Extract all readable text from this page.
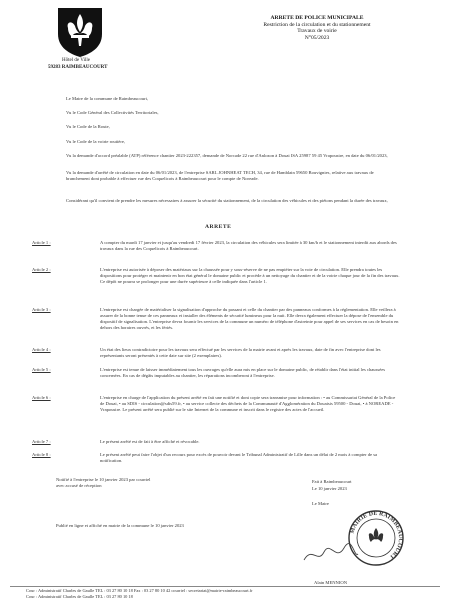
Hôtel de Ville
59283 RAIMBEAUCOURT
ARRETE DE POLICE MUNICIPALE
Restriction de la circulation et du stationnement
Travaux de voirie
N°05/2023
Le Maire de la commune de Raimbeaucourt,
Vu le Code Général des Collectivités Territoriales,
Vu le Code de la Route,
Vu le Code de la voirie routière,
Vu la demande d'accord préalable (ATP) référence chantier 2023-222357, demande de Norcade 22 rue d'Anlozon à Douai ISA 25987 59 45 Vrapoustre, en date du 06/01/2023,
Vu la demande d'arrêté de circulation en date du 06/01/2023, de l'entreprise SARL JOHNHEAT TECH, 34, rue de Hamblain 59650 Bouvignies, relative aux travaux de branchement dont probable à effectuer rue des Coquelicots à Raimbeaucourt pour le compte de Noreade.
Considérant qu'il convient de prendre les mesures nécessaires à assurer la sécurité du stationnement, de la circulation des véhicules et des piétons pendant la durée des travaux,
ARRETE
Article 1 :	A compter du mardi 17 janvier et jusqu'au vendredi 17 février 2023, la circulation des véhicules sera limitée à 30 km/h et le stationnement interdit aux abords des travaux dans la rue des Coquelicots à Raimbeaucourt.
Article 2 :	L'entreprise est autorisée à déposer des matériaux sur la chaussée pour y sous-réserve de ne pas empiéter sur la voie de circulation. Elle prendra toutes les dispositions pour protéger et maintenir en bon état général le domaine public et procède à un nettoyage du chantier et de la voirie chaque jour de la fin des travaux. Ce dépôt ne pourra se prolonger pour une durée supérieure à celle indiquée dans l'article 1.
Article 3 :	L'entreprise est chargée de matérialiser la signalisation d'approche du passant et celle du chantier par des panneaux conformes à la réglementation. Elle veillera à assurer de la bonne tenue de ces panneaux et installer des éléments de sécurité lumineux pour la nuit. Elle devra également effectuer la dépose de l'ensemble du dispositif de signalisation. L'entreprise devra fournir les services de la commune un numéro de téléphone d'astreinte pour appel de ses services en cas de besoin en dehors des horaires ouvrés, et les fériés.
Article 4 :	Un état des lieux contradictoire pour les travaux sera effectué par les services de la mairie avant et après les travaux, date de fin avec l'entreprise dont les représentants seront présentés à cette date sur site (2 exemplaires).
Article 5 :	L'entreprise est tenue de laisser immédiatement tous les ouvrages qu'elle aura mis en place sur le domaine public, de rétablir dans l'état initial les chaussées concernées. En cas de dégâts imputables au chantier, les réparations incomberont à l'entreprise.
Article 6 :	L'entreprise en charge de l'application du présent arrêté en fait une notifié et dont copie sera transmise pour information : • au Commissariat Général de la Police de Douai, • au SDIS - circulation@sdis59.fr, • au service collecte des déchets de la Communauté d'Agglomération du Douaisis 59500 - Douai, • à NOREADE - Vrapoustre. Le présent arrêté sera publié sur le site Internet de la commune et inscrit dans le registre des actes de l'accueil.
Article 7 :	Le présent arrêté est de fait à être affiché et révocable.
Article 8 :	Le présent arrêté peut faire l'objet d'un recours pour excès de pouvoir devant le Tribunal Administratif de Lille dans un délai de 2 mois à compter de sa notification.
Notifié à l'entreprise le 10 janvier 2023 par courriel
avec accusé de réception
Fait à Raimbeaucourt
Le 10 janvier 2023
Le Maire
Publié en ligne et affiché en mairie de la commune le 10 janvier 2023
MAIRIE DE RAIMBEAUCOURT
Alain MENNION
Cour : Administratif Charles de Gaulle TEL : 03 27 80 10 18 Fax : 03 27 80 10 42 courriel : secretariat@mairie-raimbeaucourt.fr
Cour : Administratif Charles de Gaulle TEL : 03 27 80 10 18
